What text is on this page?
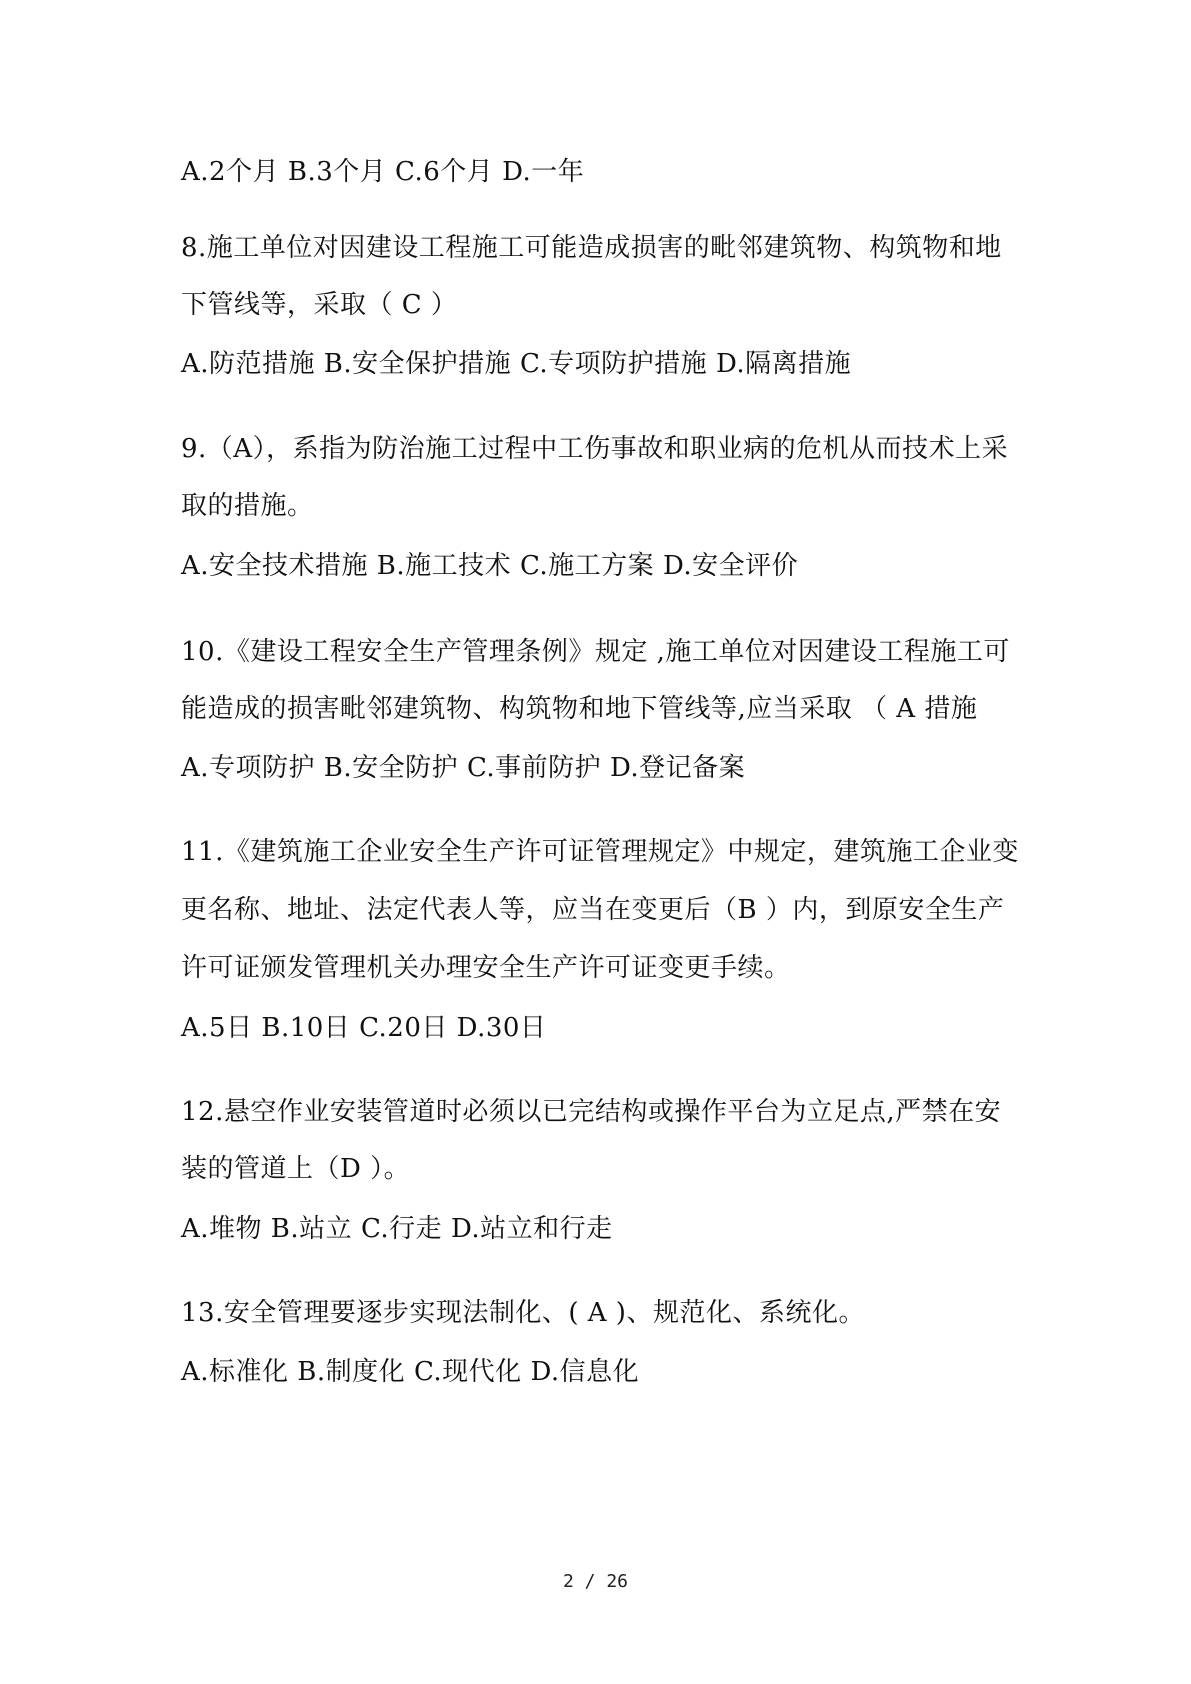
A.2个月 B.3个月 C.6个月 D.一年
8.施工单位对因建设工程施工可能造成损害的毗邻建筑物、构筑物和地
下管线等，采取（ C ）
A.防范措施 B.安全保护措施 C.专项防护措施 D.隔离措施
9.（A），系指为防治施工过程中工伤事故和职业病的危机从而技术上采
取的措施。
A.安全技术措施 B.施工技术 C.施工方案 D.安全评价
10.《建设工程安全生产管理条例》规定 ,施工单位对因建设工程施工可
能造成的损害毗邻建筑物、构筑物和地下管线等,应当采取 （ A 措施
A.专项防护 B.安全防护 C.事前防护 D.登记备案
11.《建筑施工企业安全生产许可证管理规定》中规定，建筑施工企业变
更名称、地址、法定代表人等，应当在变更后（B ）内，到原安全生产
许可证颁发管理机关办理安全生产许可证变更手续。
A.5日 B.10日 C.20日 D.30日
12.悬空作业安装管道时必须以已完结构或操作平台为立足点,严禁在安
装的管道上（D ）。
A.堆物 B.站立 C.行走 D.站立和行走
13.安全管理要逐步实现法制化、( A )、规范化、系统化。
A.标准化 B.制度化 C.现代化 D.信息化
2 / 26
